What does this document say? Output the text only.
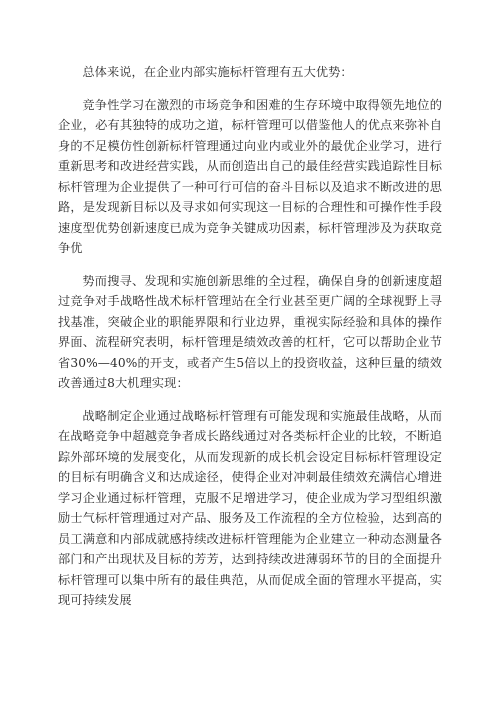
总体来说，在企业内部实施标杆管理有五大优势：

竞争性学习在激烈的市场竞争和困难的生存环境中取得领先地位的企业，必有其独特的成功之道，标杆管理可以借鉴他人的优点来弥补自身的不足模仿性创新标杆管理通过向业内或业外的最优企业学习，进行重新思考和改进经营实践，从而创造出自己的最佳经营实践追踪性目标标杆管理为企业提供了一种可行可信的奋斗目标以及追求不断改进的思路，是发现新目标以及寻求如何实现这一目标的合理性和可操作性手段速度型优势创新速度已成为竞争关键成功因素，标杆管理涉及为获取竞争优

势而搜寻、发现和实施创新思维的全过程，确保自身的创新速度超过竞争对手战略性战术标杆管理站在全行业甚至更广阔的全球视野上寻找基准，突破企业的职能界限和行业边界，重视实际经验和具体的操作界面、流程研究表明，标杆管理是绩效改善的杠杆，它可以帮助企业节省30%—40%的开支，或者产生5倍以上的投资收益，这种巨量的绩效改善通过8大机理实现：

战略制定企业通过战略标杆管理有可能发现和实施最佳战略，从而在战略竞争中超越竞争者成长路线通过对各类标杆企业的比较，不断追踪外部环境的发展变化，从而发现新的成长机会设定目标标杆管理设定的目标有明确含义和达成途径，使得企业对冲刺最佳绩效充满信心增进学习企业通过标杆管理，克服不足增进学习，使企业成为学习型组织激励士气标杆管理通过对产品、服务及工作流程的全方位检验，达到高的员工满意和内部成就感持续改进标杆管理能为企业建立一种动态测量各部门和产出现状及目标的芳芳，达到持续改进薄弱环节的目的全面提升标杆管理可以集中所有的最佳典范，从而促成全面的管理水平提高，实现可持续发展
